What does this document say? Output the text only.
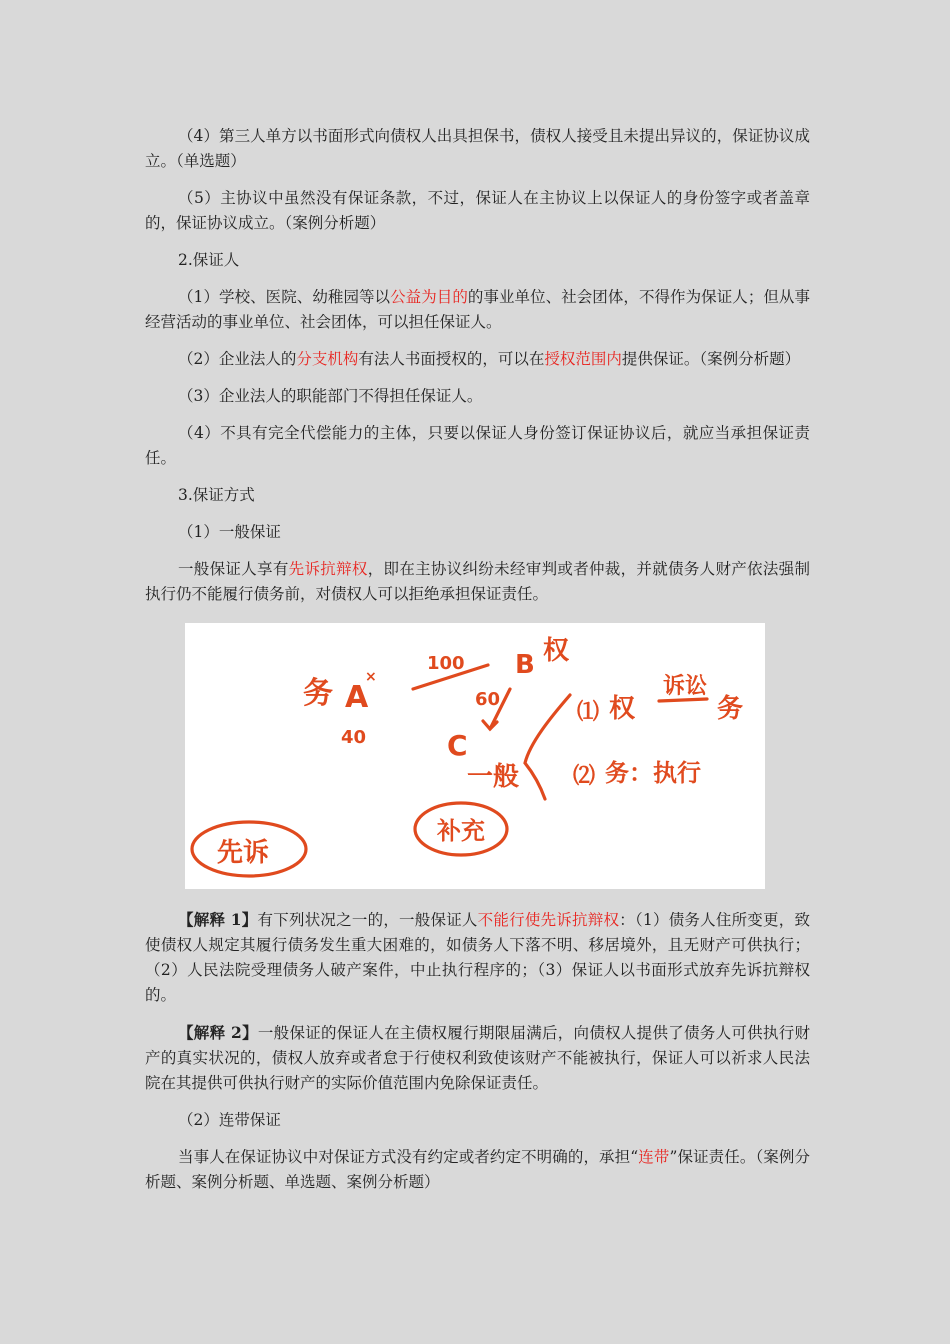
（4）第三人单方以书面形式向债权人出具担保书，债权人接受且未提出异议的，保证协议成立。（单选题）

（5）主协议中虽然没有保证条款，不过，保证人在主协议上以保证人的身份签字或者盖章的，保证协议成立。（案例分析题）

2.保证人

（1）学校、医院、幼稚园等以公益为目的的事业单位、社会团体，不得作为保证人；但从事经营活动的事业单位、社会团体，可以担任保证人。

（2）企业法人的分支机构有法人书面授权的，可以在授权范围内提供保证。（案例分析题）

（3）企业法人的职能部门不得担任保证人。

（4）不具有完全代偿能力的主体，只要以保证人身份签订保证协议后，就应当承担保证责任。

3.保证方式

（1）一般保证

一般保证人享有先诉抗辩权，即在主协议纠纷未经审判或者仲裁，并就债务人财产依法强制执行仍不能履行债务前，对债权人可以拒绝承担保证责任。

务 A
×
40
100 B 权
60
C
一般
⑴ 权
诉讼
务
⑵ 务：执行
先诉
补充

【解释 1】有下列状况之一的，一般保证人不能行使先诉抗辩权：（1）债务人住所变更，致使债权人规定其履行债务发生重大困难的，如债务人下落不明、移居境外，且无财产可供执行；（2）人民法院受理债务人破产案件，中止执行程序的；（3）保证人以书面形式放弃先诉抗辩权的。

【解释 2】一般保证的保证人在主债权履行期限届满后，向债权人提供了债务人可供执行财产的真实状况的，债权人放弃或者怠于行使权利致使该财产不能被执行，保证人可以祈求人民法院在其提供可供执行财产的实际价值范围内免除保证责任。

（2）连带保证

当事人在保证协议中对保证方式没有约定或者约定不明确的，承担“连带”保证责任。（案例分析题、案例分析题、单选题、案例分析题）
